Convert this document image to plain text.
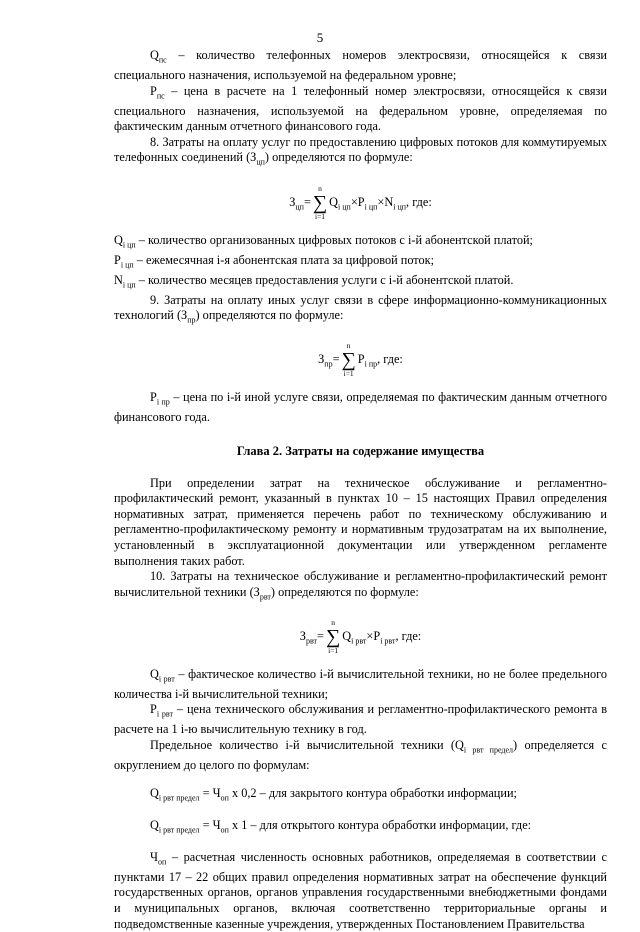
5

$Q_{пс}$ – количество телефонных номеров электросвязи, относящейся к связи специального назначения, используемой на федеральном уровне;

$P_{пс}$ – цена в расчете на 1 телефонный номер электросвязи, относящейся к связи специального назначения, используемой на федеральном уровне, определяемая по фактическим данным отчетного финансового года.

8. Затраты на оплату услуг по предоставлению цифровых потоков для коммутируемых телефонных соединений $(З_{цп})$ определяются по формуле:

$З_{цп}=$
n
∑
i=1
$Q_{i цп}\times P_{i цп}\times N_{i цп}$, где:

$Q_{i цп}$ – количество организованных цифровых потоков с i-й абонентской платой;

$P_{i цп}$ – ежемесячная i-я абонентская плата за цифровой поток;

$N_{i цп}$ – количество месяцев предоставления услуги с i-й абонентской платой.

9. Затраты на оплату иных услуг связи в сфере информационно-коммуникационных технологий $(З_{пр})$ определяются по формуле:

$З_{пр}=$
n
∑
i=1
$P_{i пр}$, где:

$P_{i пр}$ – цена по i-й иной услуге связи, определяемая по фактическим данным отчетного финансового года.

Глава 2. Затраты на содержание имущества

При определении затрат на техническое обслуживание и регламентно-профилактический ремонт, указанный в пунктах 10 – 15 настоящих Правил определения нормативных затрат, применяется перечень работ по техническому обслуживанию и регламентно-профилактическому ремонту и нормативным трудозатратам на их выполнение, установленный в эксплуатационной документации или утвержденном регламенте выполнения таких работ.

10. Затраты на техническое обслуживание и регламентно-профилактический ремонт вычислительной техники $(З_{рвт})$ определяются по формуле:

$З_{рвт}=$
n
∑
i=1
$Q_{i рвт}\times P_{i рвт}$, где:

$Q_{i рвт}$ – фактическое количество i-й вычислительной техники, но не более предельного количества i-й вычислительной техники;

$P_{i рвт}$ – цена технического обслуживания и регламентно-профилактического ремонта в расчете на 1 i-ю вычислительную технику в год.

Предельное количество i-й вычислительной техники $(Q_{i рвт предел})$ определяется с округлением до целого по формулам:

$Q_{i рвт предел} = Ч_{оп}$ х 0,2 – для закрытого контура обработки информации;

$Q_{i рвт предел} = Ч_{оп}$ х 1 – для открытого контура обработки информации, где:

$Ч_{оп}$ – расчетная численность основных работников, определяемая в соответствии с пунктами 17 – 22 общих правил определения нормативных затрат на обеспечение функций государственных органов, органов управления государственными внебюджетными фондами и муниципальных органов, включая соответственно территориальные органы и подведомственные казенные учреждения, утвержденных Постановлением Правительства
